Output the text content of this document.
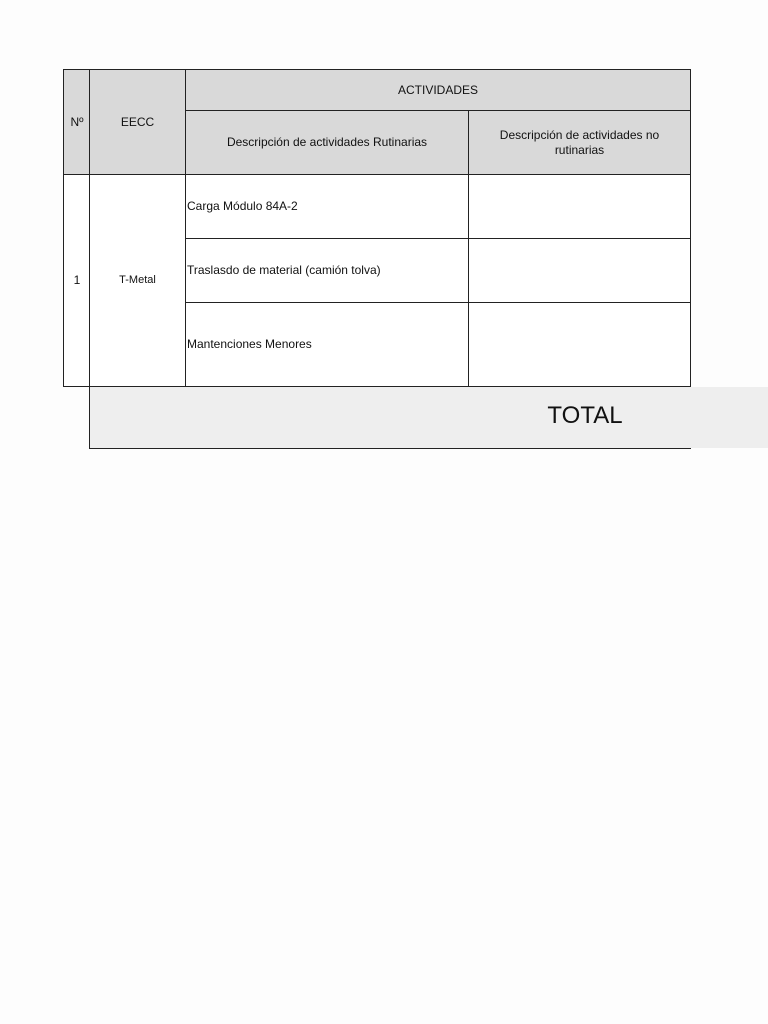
Nº	EECC
ACTIVIDADES
Descripción de actividades Rutinarias
Descripción de actividades no rutinarias
1	T-Metal
Carga Módulo 84A-2
Traslasdo de material (camión tolva)
Mantenciones Menores
TOTAL
